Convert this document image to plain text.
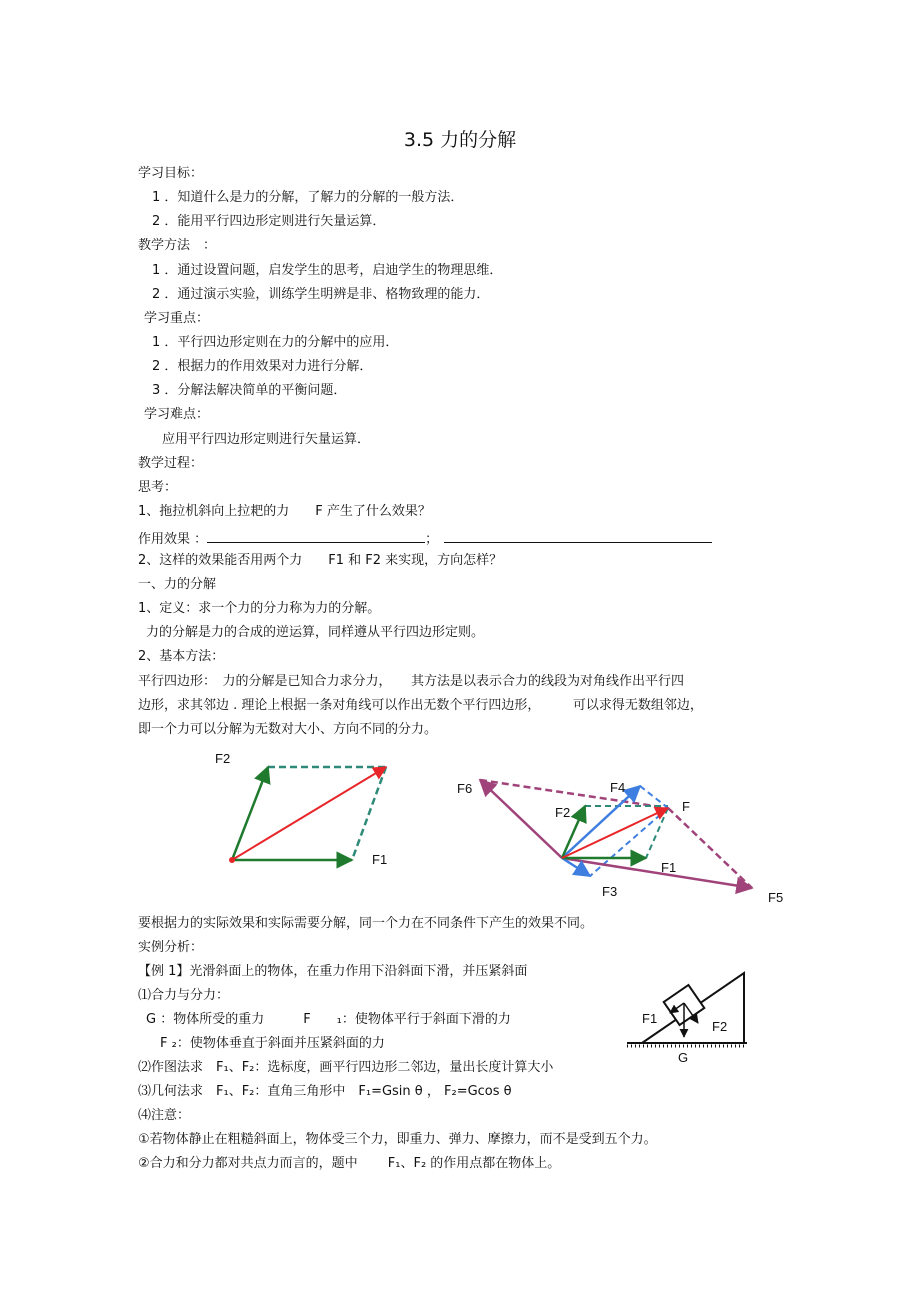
3.5 力的分解
学习目标：
1 ．知道什么是力的分解，了解力的分解的一般方法．
2 ．能用平行四边形定则进行矢量运算．
教学方法　：
1 ．通过设置问题，启发学生的思考，启迪学生的物理思维．
2 ．通过演示实验，训练学生明辨是非、格物致理的能力．
学习重点：
1 ．平行四边形定则在力的分解中的应用．
2 ．根据力的作用效果对力进行分解．
3 ．分解法解决简单的平衡问题．
学习难点：
应用平行四边形定则进行矢量运算．
教学过程：
思考：
1、拖拉机斜向上拉耙的力　　F 产生了什么效果？
作用效果 ：	；
2、这样的效果能否用两个力　　F1 和 F2 来实现，方向怎样？
一、力的分解
1、定义：求一个力的分力称为力的分解。
力的分解是力的合成的逆运算，同样遵从平行四边形定则。
2、基本方法：
平行四边形：　力的分解是已知合力求分力，　　其方法是以表示合力的线段为对角线作出平行四
边形，求其邻边 . 理论上根据一条对角线可以作出无数个平行四边形，　　　可以求得无数组邻边，
即一个力可以分解为无数对大小、方向不同的分力。
F2
F1
F6	F4
F
F2
F1
F3	F5
要根据力的实际效果和实际需要分解，同一个力在不同条件下产生的效果不同。
实例分析：
【例 1】光滑斜面上的物体，在重力作用下沿斜面下滑，并压紧斜面
⑴合力与分力：
G ：物体所受的重力　　　F　　₁：使物体平行于斜面下滑的力
F ₂：使物体垂直于斜面并压紧斜面的力
⑵作图法求　F₁、F₂：选标度，画平行四边形二邻边，量出长度计算大小
⑶几何法求　F₁、F₂：直角三角形中　F₁=Gsin θ ， F₂=Gcos θ
⑷注意：
①若物体静止在粗糙斜面上，物体受三个力，即重力、弹力、摩擦力，而不是受到五个力。
②合力和分力都对共点力而言的，题中　　 F₁、F₂ 的作用点都在物体上。
F1
F2
G
